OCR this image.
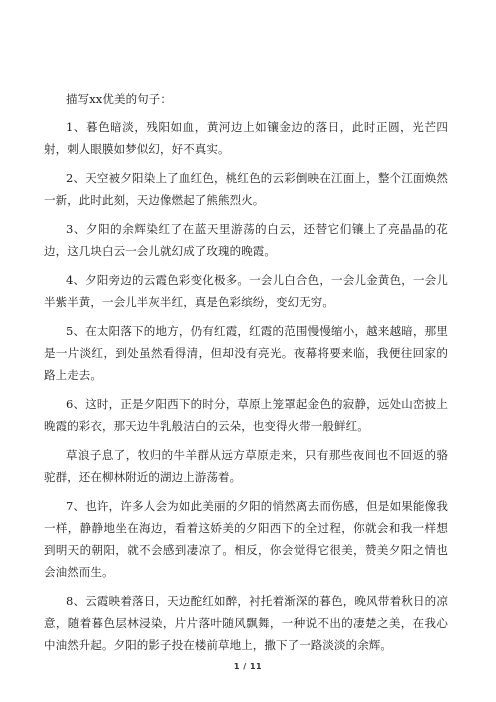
描写xx优美的句子：

1、暮色暗淡，残阳如血，黄河边上如镶金边的落日，此时正圆，光芒四射，刺人眼膜如梦似幻，好不真实。

2、天空被夕阳染上了血红色，桃红色的云彩倒映在江面上，整个江面焕然一新，此时此刻，天边像燃起了熊熊烈火。

3、夕阳的余辉染红了在蓝天里游荡的白云，还替它们镶上了亮晶晶的花边，这几块白云一会儿就幻成了玫瑰的晚霞。

4、夕阳旁边的云霞色彩变化极多。一会儿白合色，一会儿金黄色，一会儿半紫半黄，一会儿半灰半红，真是色彩缤纷，变幻无穷。

5、在太阳落下的地方，仍有红霞，红霞的范围慢慢缩小，越来越暗，那里是一片淡红，到处虽然看得清，但却没有亮光。夜幕将要来临，我便往回家的路上走去。

6、这时，正是夕阳西下的时分，草原上笼罩起金色的寂静，远处山峦披上晚霞的彩衣，那天边牛乳般洁白的云朵，也变得火带一般鲜红。

草浪子息了，牧归的牛羊群从远方草原走来，只有那些夜间也不回返的骆驼群，还在柳林附近的湖边上游荡着。

7、也许，许多人会为如此美丽的夕阳的悄然离去而伤感，但是如果能像我一样，静静地坐在海边，看着这娇美的夕阳西下的全过程，你就会和我一样想到明天的朝阳，就不会感到凄凉了。相反，你会觉得它很美，赞美夕阳之情也会油然而生。

8、云霞映着落日，天边酡红如醉，衬托着渐深的暮色，晚风带着秋日的凉意，随着暮色层林浸染，片片落叶随风飘舞，一种说不出的凄楚之美，在我心中油然升起。夕阳的影子投在楼前草地上，撒下了一路淡淡的余辉。

1 / 11
